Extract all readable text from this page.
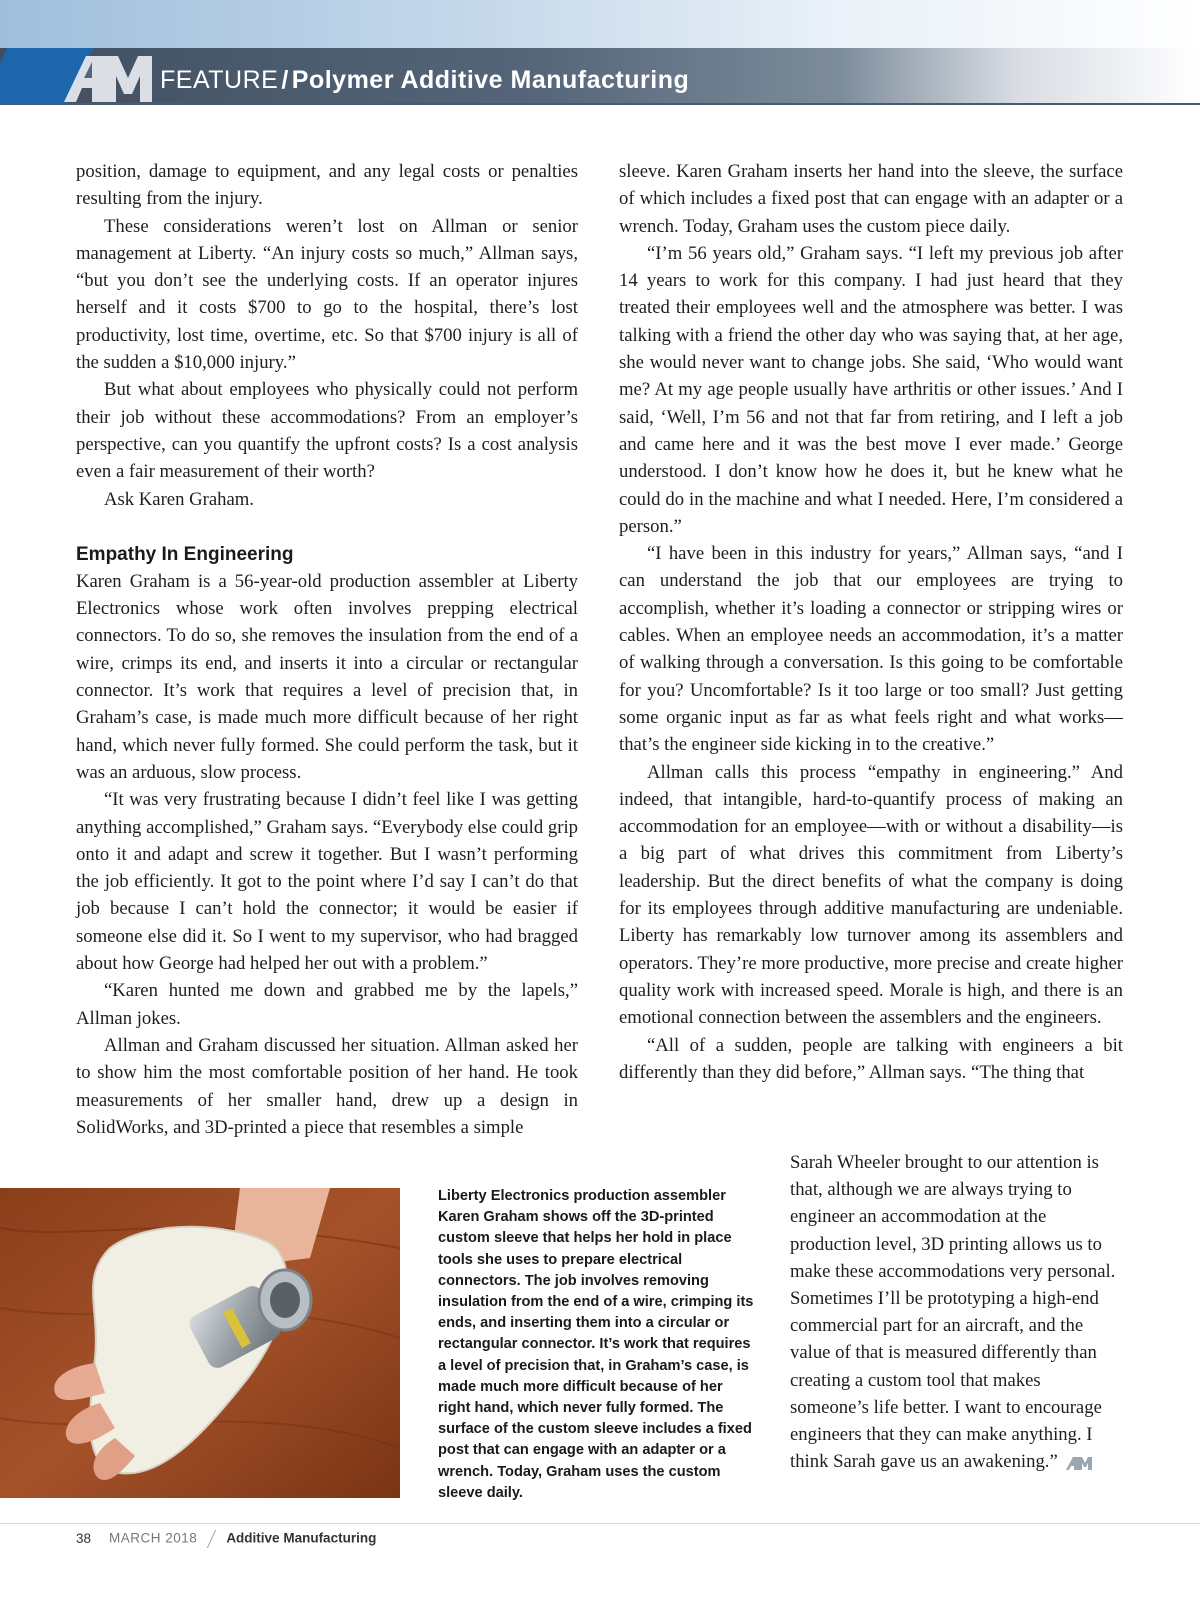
FEATURE / Polymer Additive Manufacturing

position, damage to equipment, and any legal costs or penalties resulting from the injury.

These considerations weren’t lost on Allman or senior management at Liberty. “An injury costs so much,” Allman says, “but you don’t see the underlying costs. If an operator injures herself and it costs $700 to go to the hospital, there’s lost productivity, lost time, overtime, etc. So that $700 injury is all of the sudden a $10,000 injury.”

But what about employees who physically could not perform their job without these accommodations? From an employer’s perspective, can you quantify the upfront costs? Is a cost analysis even a fair measurement of their worth?

Ask Karen Graham.

Empathy In Engineering

Karen Graham is a 56-year-old production assembler at Liberty Electronics whose work often involves prepping electrical connectors. To do so, she removes the insulation from the end of a wire, crimps its end, and inserts it into a circular or rectangular connector. It’s work that requires a level of precision that, in Graham’s case, is made much more difficult because of her right hand, which never fully formed. She could perform the task, but it was an arduous, slow process.

“It was very frustrating because I didn’t feel like I was getting anything accomplished,” Graham says. “Everybody else could grip onto it and adapt and screw it together. But I wasn’t performing the job efficiently. It got to the point where I’d say I can’t do that job because I can’t hold the connector; it would be easier if someone else did it. So I went to my supervisor, who had bragged about how George had helped her out with a problem.”

“Karen hunted me down and grabbed me by the lapels,” Allman jokes.

Allman and Graham discussed her situation. Allman asked her to show him the most comfortable position of her hand. He took measurements of her smaller hand, drew up a design in SolidWorks, and 3D-printed a piece that resembles a simple

sleeve. Karen Graham inserts her hand into the sleeve, the surface of which includes a fixed post that can engage with an adapter or a wrench. Today, Graham uses the custom piece daily.

“I’m 56 years old,” Graham says. “I left my previous job after 14 years to work for this company. I had just heard that they treated their employees well and the atmosphere was better. I was talking with a friend the other day who was saying that, at her age, she would never want to change jobs. She said, ‘Who would want me? At my age people usually have arthritis or other issues.’ And I said, ‘Well, I’m 56 and not that far from retiring, and I left a job and came here and it was the best move I ever made.’ George understood. I don’t know how he does it, but he knew what he could do in the machine and what I needed. Here, I’m considered a person.”

“I have been in this industry for years,” Allman says, “and I can understand the job that our employees are trying to accomplish, whether it’s loading a connector or stripping wires or cables. When an employee needs an accommodation, it’s a matter of walking through a conversation. Is this going to be comfortable for you? Uncomfortable? Is it too large or too small? Just getting some organic input as far as what feels right and what works—that’s the engineer side kicking in to the creative.”

Allman calls this process “empathy in engineering.” And indeed, that intangible, hard-to-quantify process of making an accommodation for an employee—with or without a disability—is a big part of what drives this commitment from Liberty’s leadership. But the direct benefits of what the company is doing for its employees through additive manufacturing are undeniable. Liberty has remarkably low turnover among its assemblers and operators. They’re more productive, more precise and create higher quality work with increased speed. Morale is high, and there is an emotional connection between the assemblers and the engineers.

“All of a sudden, people are talking with engineers a bit differently than they did before,” Allman says. “The thing that

Sarah Wheeler brought to our attention is that, although we are always trying to engineer an accommodation at the production level, 3D printing allows us to make these accommodations very personal. Sometimes I’ll be prototyping a high-end commercial part for an aircraft, and the value of that is measured differently than creating a custom tool that makes someone’s life better. I want to encourage engineers that they can make anything. I think Sarah gave us an awakening.”

Liberty Electronics production assembler Karen Graham shows off the 3D-printed custom sleeve that helps her hold in place tools she uses to prepare electrical connectors. The job involves removing insulation from the end of a wire, crimping its ends, and inserting them into a circular or rectangular connector. It’s work that requires a level of precision that, in Graham’s case, is made much more difficult because of her right hand, which never fully formed. The surface of the custom sleeve includes a fixed post that can engage with an adapter or a wrench. Today, Graham uses the custom sleeve daily.
38 MARCH 2018 Additive Manufacturing
